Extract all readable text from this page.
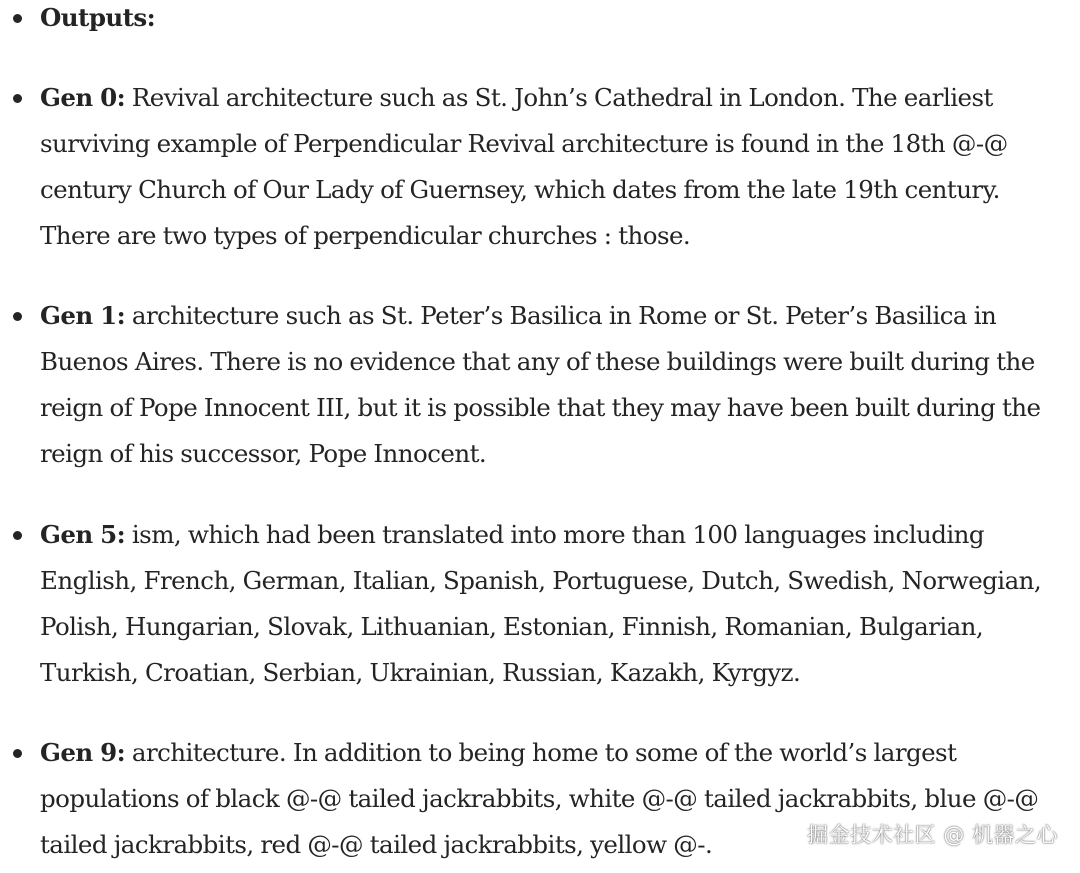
Outputs:
Gen 0: Revival architecture such as St. John’s Cathedral in London. The earliest surviving example of Perpendicular Revival architecture is found in the 18th @-@ century Church of Our Lady of Guernsey, which dates from the late 19th century. There are two types of perpendicular churches : those.
Gen 1: architecture such as St. Peter’s Basilica in Rome or St. Peter’s Basilica in Buenos Aires. There is no evidence that any of these buildings were built during the reign of Pope Innocent III, but it is possible that they may have been built during the reign of his successor, Pope Innocent.
Gen 5: ism, which had been translated into more than 100 languages including English, French, German, Italian, Spanish, Portuguese, Dutch, Swedish, Norwegian, Polish, Hungarian, Slovak, Lithuanian, Estonian, Finnish, Romanian, Bulgarian, Turkish, Croatian, Serbian, Ukrainian, Russian, Kazakh, Kyrgyz.
Gen 9: architecture. In addition to being home to some of the world’s largest populations of black @-@ tailed jackrabbits, white @-@ tailed jackrabbits, blue @-@ tailed jackrabbits, red @-@ tailed jackrabbits, yellow @-.	掘金技术社区 @ 机器之心
